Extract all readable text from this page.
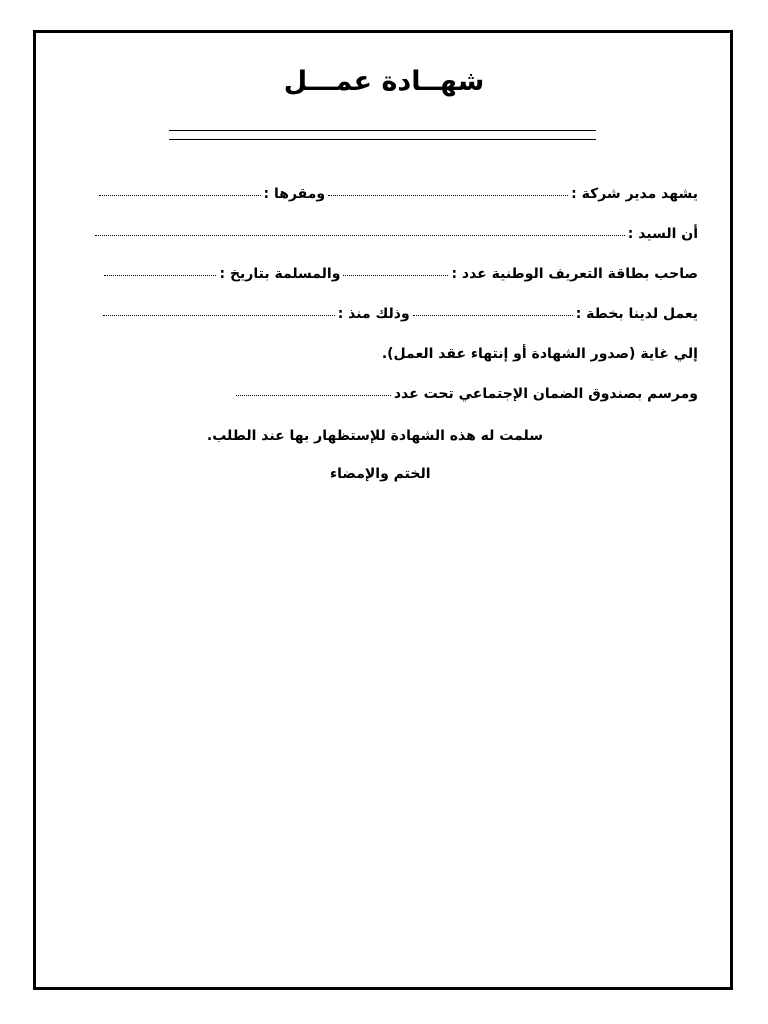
شهــادة عمـــل
يشهد مدير شركة :
ومقرها :
أن السيد :
صاحب بطاقة التعريف الوطنية عدد :
والمسلمة بتاريخ :
يعمل لدينا بخطة :
وذلك منذ :
إلي غاية (صدور الشهادة أو إنتهاء عقد العمل).
ومرسم بصندوق الضمان الإجتماعي تحت عدد
سلمت له هذه الشهادة للإستظهار بها عند الطلب.
الختم والإمضاء
